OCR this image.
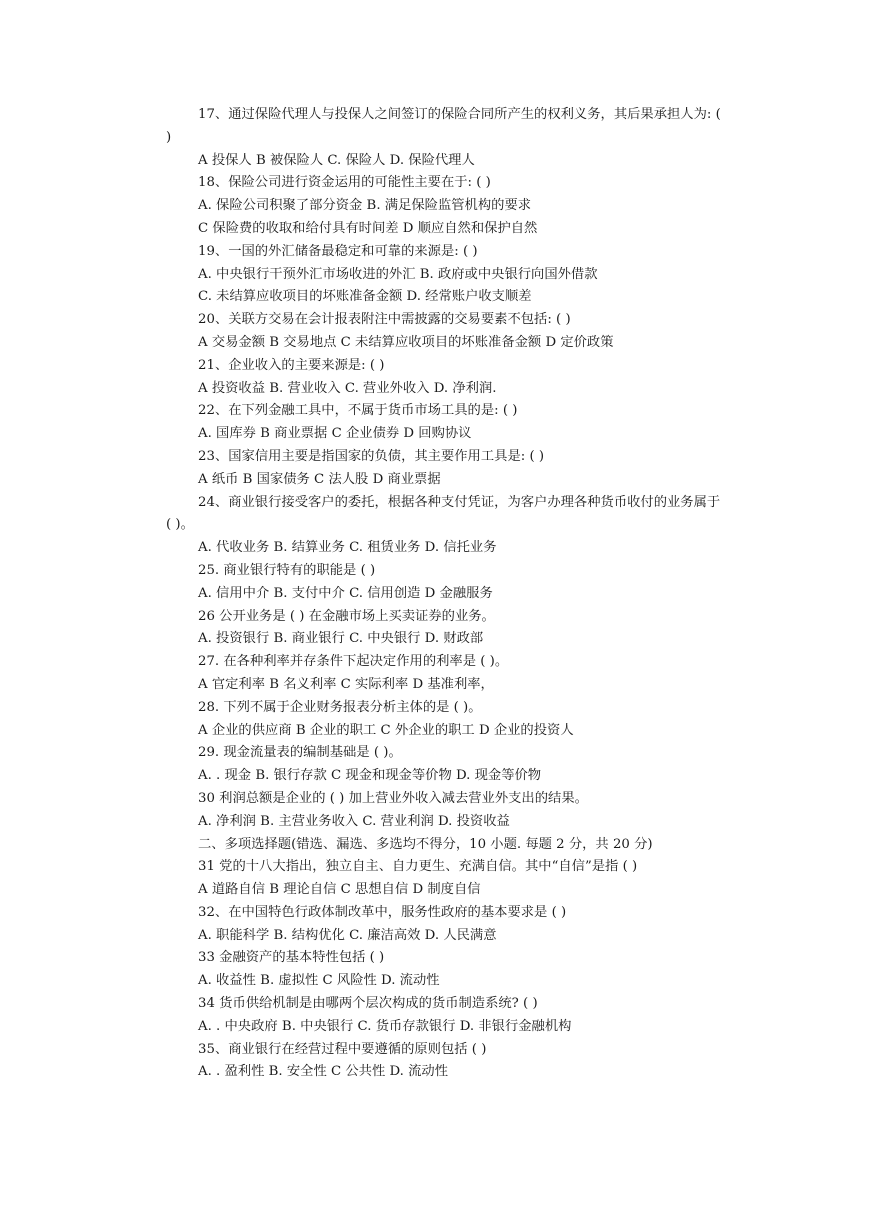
17、通过保险代理人与投保人之间签订的保险合同所产生的权利义务，其后果承担人为: ( )
A 投保人 B 被保险人 C. 保险人 D. 保险代理人
18、保险公司进行资金运用的可能性主要在于: ( )
A. 保险公司积聚了部分资金 B. 满足保险监管机构的要求
C 保险费的收取和给付具有时间差 D 顺应自然和保护自然
19、一国的外汇储备最稳定和可靠的来源是: ( )
A. 中央银行干预外汇市场收进的外汇 B. 政府或中央银行向国外借款
C. 未结算应收项目的坏账准备金额 D. 经常账户收支顺差
20、关联方交易在会计报表附注中需披露的交易要素不包括: ( )
A 交易金额 B 交易地点 C 未结算应收项目的坏账准备金额 D 定价政策
21、企业收入的主要来源是: ( )
A 投资收益 B. 营业收入 C. 营业外收入 D. 净利润.
22、在下列金融工具中，不属于货币市场工具的是: ( )
A. 国库券 B 商业票据 C 企业债券 D 回购协议
23、国家信用主要是指国家的负债，其主要作用工具是: ( )
A 纸币 B 国家债务 C 法人股 D 商业票据
24、商业银行接受客户的委托，根据各种支付凭证，为客户办理各种货币收付的业务属于 ( )。
A. 代收业务 B. 结算业务 C. 租赁业务 D. 信托业务
25. 商业银行特有的职能是 ( )
A. 信用中介 B. 支付中介 C. 信用创造 D 金融服务
26 公开业务是 ( ) 在金融市场上买卖证券的业务。
A. 投资银行 B. 商业银行 C. 中央银行 D. 财政部
27. 在各种利率并存条件下起决定作用的利率是 ( )。
A 官定利率 B 名义利率 C 实际利率 D 基准利率，
28. 下列不属于企业财务报表分析主体的是 ( )。
A 企业的供应商 B 企业的职工 C 外企业的职工 D 企业的投资人
29. 现金流量表的编制基础是 ( )。
A. . 现金 B. 银行存款 C 现金和现金等价物 D. 现金等价物
30 利润总额是企业的 ( ) 加上营业外收入减去营业外支出的结果。
A. 净利润 B. 主营业务收入 C. 营业利润 D. 投资收益
二、多项选择题(错选、漏选、多选均不得分，10 小题. 每题 2 分，共 20 分)
31 党的十八大指出，独立自主、自力更生、充满自信。其中“自信”是指 ( )
A 道路自信 B 理论自信 C 思想自信 D 制度自信
32、在中国特色行政体制改革中，服务性政府的基本要求是 ( )
A. 职能科学 B. 结构优化 C. 廉洁高效 D. 人民满意
33 金融资产的基本特性包括 ( )
A. 收益性 B. 虚拟性 C 风险性 D. 流动性
34 货币供给机制是由哪两个层次构成的货币制造系统? ( )
A. . 中央政府 B. 中央银行 C. 货币存款银行 D. 非银行金融机构
35、商业银行在经营过程中要遵循的原则包括 ( )
A. . 盈利性 B. 安全性 C 公共性 D. 流动性
